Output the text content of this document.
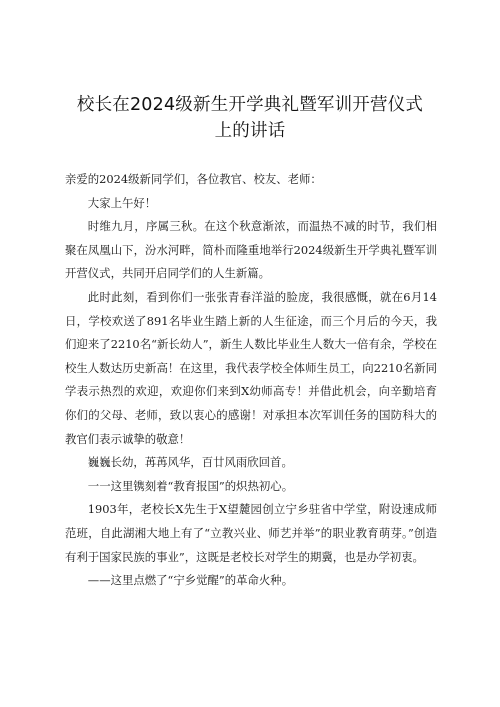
校长在2024级新生开学典礼暨军训开营仪式
上的讲话

亲爱的2024级新同学们，各位教官、校友、老师：

大家上午好！

时维九月，序属三秋。在这个秋意渐浓，而温热不减的时节，我们相聚在凤凰山下，汾水河畔，简朴而隆重地举行2024级新生开学典礼暨军训开营仪式，共同开启同学们的人生新篇。

此时此刻，看到你们一张张青春洋溢的脸庞，我很感慨，就在6月14日，学校欢送了891名毕业生踏上新的人生征途，而三个月后的今天，我们迎来了2210名“新长幼人”，新生人数比毕业生人数大一倍有余，学校在校生人数达历史新高！在这里，我代表学校全体师生员工，向2210名新同学表示热烈的欢迎，欢迎你们来到X幼师高专！并借此机会，向辛勤培育你们的父母、老师，致以衷心的感谢！对承担本次军训任务的国防科大的教官们表示诚挚的敬意！

巍巍长幼，苒苒风华，百廿风雨欣回首。

一一这里镌刻着“教育报国”的炽热初心。

1903年，老校长X先生于X望麓园创立宁乡驻省中学堂，附设速成师范班，自此湖湘大地上有了“立教兴业、师艺并举”的职业教育萌芽。”创造有利于国家民族的事业”，这既是老校长对学生的期冀，也是办学初衷。

——这里点燃了“宁乡觉醒”的革命火种。
